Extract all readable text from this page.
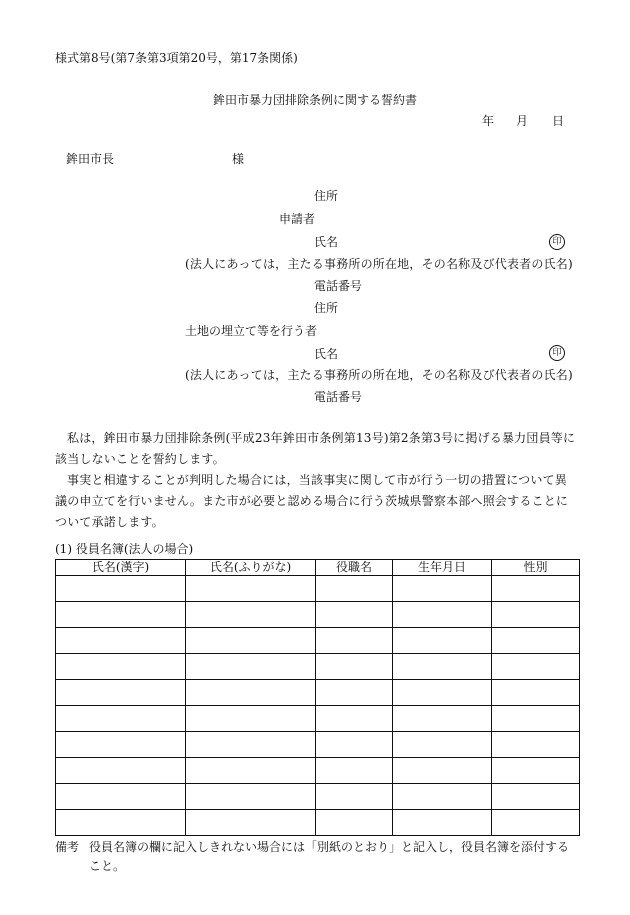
様式第8号(第7条第3項第20号，第17条関係)
鉾田市暴力団排除条例に関する誓約書
年 月 日
鉾田市長	様
住所
申請者
氏名	印
(法人にあっては，主たる事務所の所在地，その名称及び代表者の氏名)
電話番号
住所
土地の埋立て等を行う者
氏名	印
(法人にあっては，主たる事務所の所在地，その名称及び代表者の氏名)
電話番号
私は，鉾田市暴力団排除条例(平成23年鉾田市条例第13号)第2条第3号に掲げる暴力団員等に該当しないことを誓約します。
事実と相違することが判明した場合には，当該事実に関して市が行う一切の措置について異議の申立てを行いません。また市が必要と認める場合に行う茨城県警察本部へ照会することについて承諾します。
(1) 役員名簿(法人の場合)
氏名(漢字)	氏名(ふりがな)	役職名	生年月日	性別

備考 役員名簿の欄に記入しきれない場合には「別紙のとおり」と記入し，役員名簿を添付すること。
